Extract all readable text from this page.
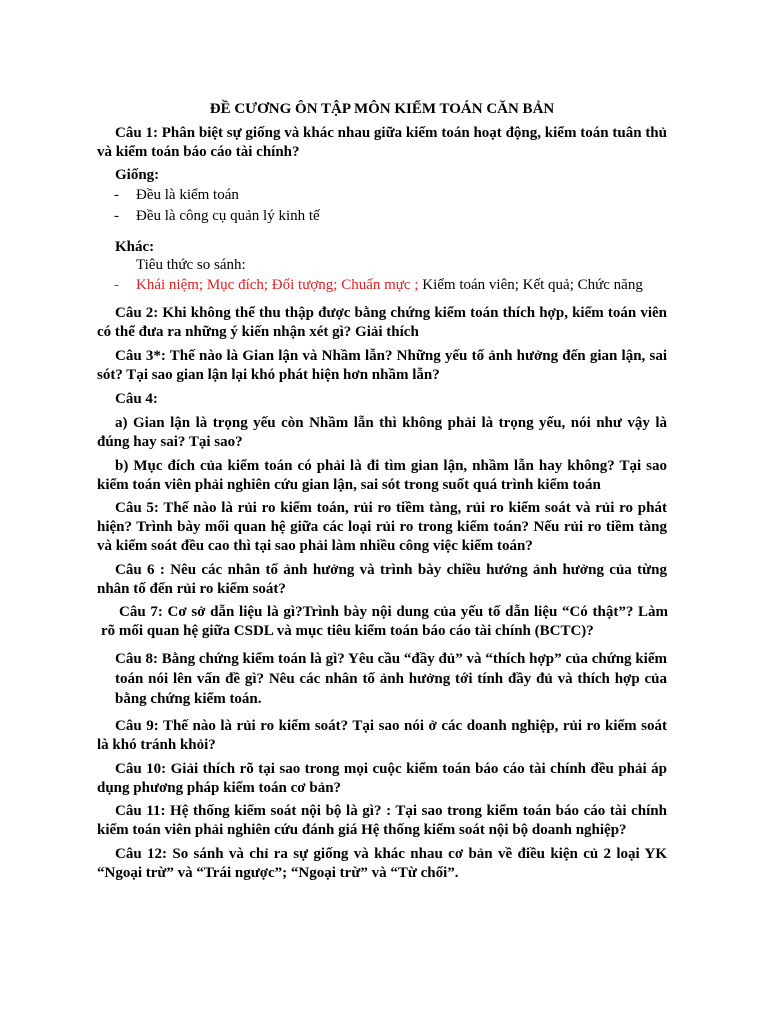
ĐỀ CƯƠNG ÔN TẬP MÔN KIỂM TOÁN CĂN BẢN

Câu 1: Phân biệt sự giống và khác nhau giữa kiểm toán hoạt động, kiểm toán tuân thủ và kiểm toán báo cáo tài chính?

Giống:

- Đều là kiểm toán
- Đều là công cụ quản lý kinh tế

Khác:

Tiêu thức so sánh:

- Khái niệm; Mục đích; Đối tượng; Chuẩn mực ; Kiểm toán viên; Kết quả; Chức năng

Câu 2: Khi không thể thu thập được bằng chứng kiểm toán thích hợp, kiểm toán viên có thể đưa ra những ý kiến nhận xét gì? Giải thích

Câu 3*: Thế nào là Gian lận và Nhầm lẫn? Những yếu tố ảnh hưởng đến gian lận, sai sót? Tại sao gian lận lại khó phát hiện hơn nhầm lẫn?

Câu 4:

a) Gian lận là trọng yếu còn Nhầm lẫn thì không phải là trọng yếu, nói như vậy là đúng hay sai? Tại sao?

b) Mục đích của kiểm toán có phải là đi tìm gian lận, nhầm lẫn hay không? Tại sao kiểm toán viên phải nghiên cứu gian lận, sai sót trong suốt quá trình kiểm toán

Câu 5: Thế nào là rủi ro kiểm toán, rủi ro tiềm tàng, rủi ro kiểm soát và rủi ro phát hiện? Trình bày mối quan hệ giữa các loại rủi ro trong kiểm toán? Nếu rủi ro tiềm tàng và kiểm soát đều cao thì tại sao phải làm nhiều công việc kiểm toán?

Câu 6 : Nêu các nhân tố ảnh hưởng và trình bày chiều hướng ảnh hưởng của từng nhân tố đến rủi ro kiểm soát?

Câu 7: Cơ sở dẫn liệu là gì?Trình bày nội dung của yếu tố dẫn liệu “Có thật”? Làm rõ mối quan hệ giữa CSDL và mục tiêu kiểm toán báo cáo tài chính (BCTC)?

Câu 8: Bằng chứng kiểm toán là gì? Yêu cầu “đầy đủ” và “thích hợp” của chứng kiểm toán nói lên vấn đề gì? Nêu các nhân tố ảnh hưởng tới tính đầy đủ và thích hợp của bằng chứng kiểm toán.

Câu 9: Thế nào là rủi ro kiểm soát? Tại sao nói ở các doanh nghiệp, rủi ro kiểm soát là khó tránh khỏi?

Câu 10: Giải thích rõ tại sao trong mọi cuộc kiểm toán báo cáo tài chính đều phải áp dụng phương pháp kiểm toán cơ bản?

Câu 11: Hệ thống kiểm soát nội bộ là gì? : Tại sao trong kiểm toán báo cáo tài chính kiểm toán viên phải nghiên cứu đánh giá Hệ thống kiểm soát nội bộ doanh nghiệp?

Câu 12: So sánh và chỉ ra sự giống và khác nhau cơ bản về điều kiện củ 2 loại YK “Ngoại trừ” và “Trái ngược”; “Ngoại trừ” và “Từ chối”.
